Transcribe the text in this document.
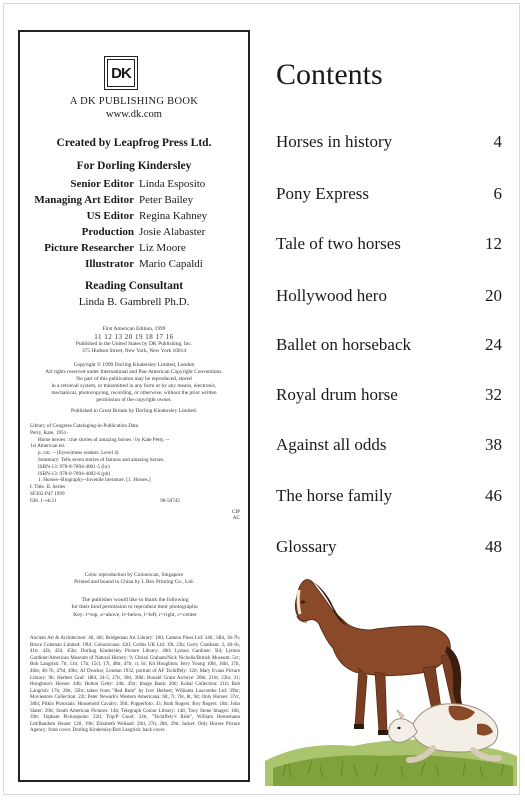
DK
A DK PUBLISHING BOOK
www.dk.com
Created by Leapfrog Press Ltd.
For Dorling Kindersley
Senior Editor Linda Esposito
Managing Art Editor Peter Bailey
US Editor Regina Kahney
Production Josie Alabaster
Picture Researcher Liz Moore
Illustrator Mario Capaldi
Reading Consultant
Linda B. Gambrell Ph.D.
First American Edition, 1999
11 12 13 20 19 18 17 16
Published in the United States by DK Publishing, Inc.
375 Hudson Street, New York, New York 10014
Copyright © 1999 Dorling Kindersley Limited, London
All rights reserved under International and Pan-American Copyright Conventions.
No part of this publication may be reproduced, stored
in a retrieval system, or transmitted in any form or by any means, electronic,
mechanical, photocopying, recording, or otherwise, without the prior written
permission of the copyright owner.
Published in Great Britain by Dorling Kindersley Limited.
Library of Congress Cataloging-in-Publication Data
Perry, Kate, 1951-
Horse heroes : true stories of amazing horses / by Kate Petty. --
1st American ed.
p. cm. -- (Eyewitness readers. Level 4)
Summary: Tells seven stories of famous and amazing horses.
ISBN-13: 978-0-7894-4001-5 (hc)
ISBN-13: 978-0-7894-4002-6 (pb)
1. Horses--Biography--Juvenile literature. [1. Horses.]
I. Title. II. Series
SF302.P47 1999
636. 1--dc21	98-50745
CIP
AC
Color reproduction by Colourscan, Singapore
Printed and bound in China by L Rex Printing Co., Ltd.
The publisher would like to thank the following
for their kind permission to reproduce their photographs:
Key: t=top, a=above, b=below, l=left, r=right, c=center
Ancient Art & Architecture: 4tl, 4bl; Bridgeman Art Library: 10tl; Camera Press Ltd: 34tl, 34bl, 36-7b; Bruce Coleman Limited: 19bl; Colourscans: 42tl; Corbis UK Ltd: 19t, 23b; Gerry Cranham: 2, 40-1b, 41tr, 42b, 45tl, 45br; Dorling Kindersley Picture Library: 40tl; Lynton Gardiner: 5bl; Lynton Gardiner/American Museum of Natural History: 9; Christi Graham/Nick Nicholls/British Museum: 5cr; Bob Langrish: 7tr, 11tr, 17tr, 15cl, 17t, 48tr, 47tr, cr, br; Kit Houghton; Jerry Young 10bl, 16bl, 17tr, 46br, 46-7b, 47bl, 49br; AJ Drucker, London 1932, portrait of AF Tschiffely: 12tl; Mary Evans Picture Library: 9b; Herbert Graf: 18bl, 24-5, 27tr, 30tl, 30bl; Ronald Grant Archive: 20bl, 21br, 23br, 31; Houghton's Horses: 44b; Hulton Getty: 24tr, 45tr; Image Bank: 20tl; Kobal Collection: 21tl; Bob Langrish: 17tr, 28tr, 35br; taken from "Red Rum" by Ivor Herbert; Williams Luscombe Ltd: 39br; Moviestore Collection: 22t; Peter Newark's Western Americana: 6tl, 7r, 7br, 8t, 9d; Only Horses: 37cr, 38bl; Pitkin Pictorials: Household Cavalry: 36tl; Popperfoto: 43; Ruth Rogers; Roy Rogers: 18tr; John Slater: 39tr; South American Pictures: 14b; Telegraph Colour Library: 14tl; Tony Stone Images: 18tl, 39tr; Topham Picturepoint: 22tl; Trip/P Good: 33tr, "Tschiffely's Ride", William Heinemann Ltd/Random House: 12tl, 19tr; Elisabeth Weiland: 26tl, 27tr, 28tl, 29tr. Jacket: Only Horses Picture Agency: front cover. Dorling Kindersley/Bob Langrish: back cover.
Contents
Horses in history	4
Pony Express	6
Tale of two horses	12
Hollywood hero	20
Ballet on horseback	24
Royal drum horse	32
Against all odds	38
The horse family	46
Glossary	48
